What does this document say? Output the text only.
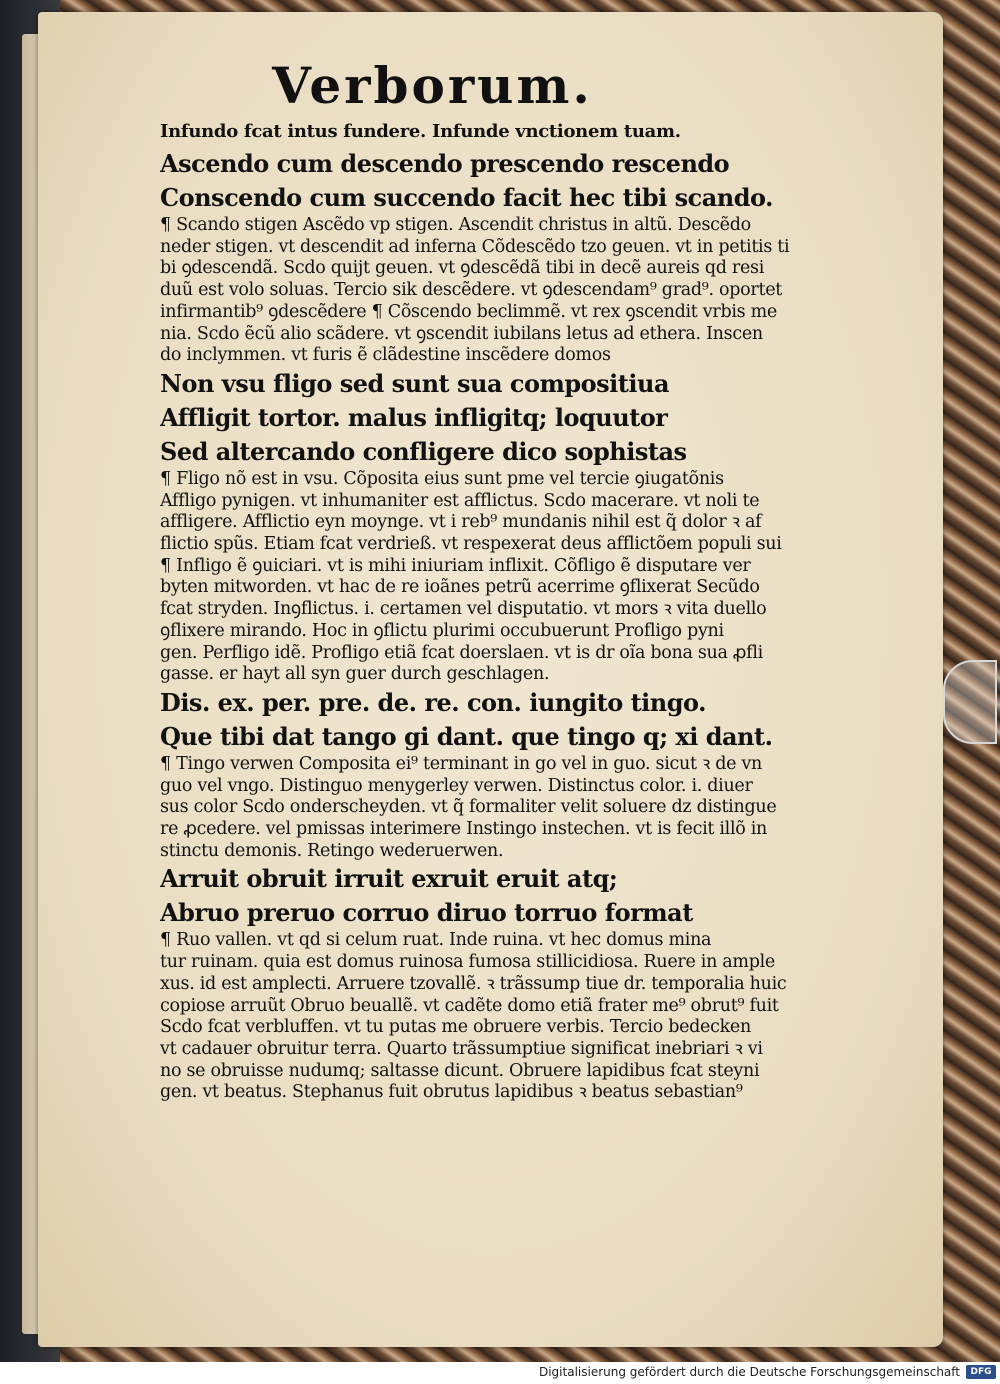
Verborum.
Infundo fcat intus fundere. Infunde vnctionem tuam.
Ascendo cum descendo prescendo rescendo
Conscendo cum succendo facit hec tibi scando.
¶ Scando stigen Ascẽdo vp stigen. Ascendit christus in altũ. Descẽdo
neder stigen. vt descendit ad inferna Cõdescẽdo tzo geuen. vt in petitis ti
bi ꝯdescendã. Scdo quijt geuen. vt ꝯdescẽdã tibi in decẽ aureis qd resi
duũ est volo soluas. Tercio sik descẽdere. vt ꝯdescendam⁹ grad⁹. oportet
infirmantib⁹ ꝯdescẽdere ¶ Cõscendo beclimmẽ. vt rex ꝯscendit vrbis me
nia. Scdo ẽcũ alio scãdere. vt ꝯscendit iubilans letus ad ethera. Inscen
do inclymmen. vt furis ẽ clãdestine inscẽdere domos
Non vsu fligo sed sunt sua compositiua
Affligit tortor. malus infligitq; loquutor
Sed altercando confligere dico sophistas
¶ Fligo nõ est in vsu. Cõposita eius sunt pme vel tercie ꝯiugatõnis
Affligo pynigen. vt inhumaniter est afflictus. Scdo macerare. vt noli te
affligere. Afflictio eyn moynge. vt i reb⁹ mundanis nihil est q̃ dolor ꝛ af
flictio spũs. Etiam fcat verdrieß. vt respexerat deus afflictõem populi sui
¶ Infligo ẽ ꝯuiciari. vt is mihi iniuriam inflixit. Cõfligo ẽ disputare ver
byten mitworden. vt hac de re ioãnes petrũ acerrime ꝯflixerat Secũdo
fcat stryden. Inꝯflictus. i. certamen vel disputatio. vt mors ꝛ vita duello
ꝯflixere mirando. Hoc in ꝯflictu plurimi occubuerunt Profligo pyni
gen. Perfligo idẽ. Profligo etiã fcat doerslaen. vt is dr oĩa bona sua ꝓfli
gasse. er hayt all syn guer durch geschlagen.
Dis. ex. per. pre. de. re. con. iungito tingo.
Que tibi dat tango gi dant. que tingo q; xi dant.
¶ Tingo verwen Composita ei⁹ terminant in go vel in guo. sicut ꝛ de vn
guo vel vngo. Distinguo menygerley verwen. Distinctus color. i. diuer
sus color Scdo onderscheyden. vt q̃ formaliter velit soluere dz distingue
re ꝓcedere. vel pmissas interimere Instingo instechen. vt is fecit illõ in
stinctu demonis. Retingo wederuerwen.
Arruit obruit irruit exruit eruit atq;
Abruo preruo corruo diruo torruo format
¶ Ruo vallen. vt qd si celum ruat. Inde ruina. vt hec domus mina
tur ruinam. quia est domus ruinosa fumosa stillicidiosa. Ruere in ample
xus. id est amplecti. Arruere tzovallẽ. ꝛ trãssump tiue dr. temporalia huic
copiose arruũt Obruo beuallẽ. vt cadẽte domo etiã frater me⁹ obrut⁹ fuit
Scdo fcat verbluffen. vt tu putas me obruere verbis. Tercio bedecken
vt cadauer obruitur terra. Quarto trãssumptiue significat inebriari ꝛ vi
no se obruisse nudumq; saltasse dicunt. Obruere lapidibus fcat steyni
gen. vt beatus. Stephanus fuit obrutus lapidibus ꝛ beatus sebastian⁹
Digitalisierung gefördert durch die Deutsche Forschungsgemeinschaft	DFG
